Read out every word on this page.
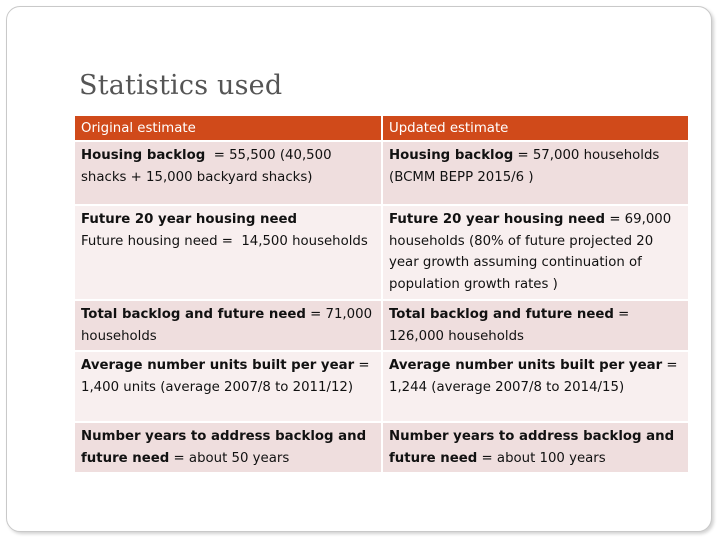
Statistics used
Original estimate	Updated estimate
Housing backlog  = 55,500 (40,500 shacks + 15,000 backyard shacks)	Housing backlog = 57,000 households (BCMM BEPP 2015/6 )
Future 20 year housing need
Future housing need =  14,500 households	Future 20 year housing need = 69,000 households (80% of future projected 20 year growth assuming continuation of population growth rates )
Total backlog and future need = 71,000 households	Total backlog and future need = 126,000 households
Average number units built per year = 1,400 units (average 2007/8 to 2011/12)	Average number units built per year = 1,244 (average 2007/8 to 2014/15)
Number years to address backlog and future need = about 50 years	Number years to address backlog and future need = about 100 years
